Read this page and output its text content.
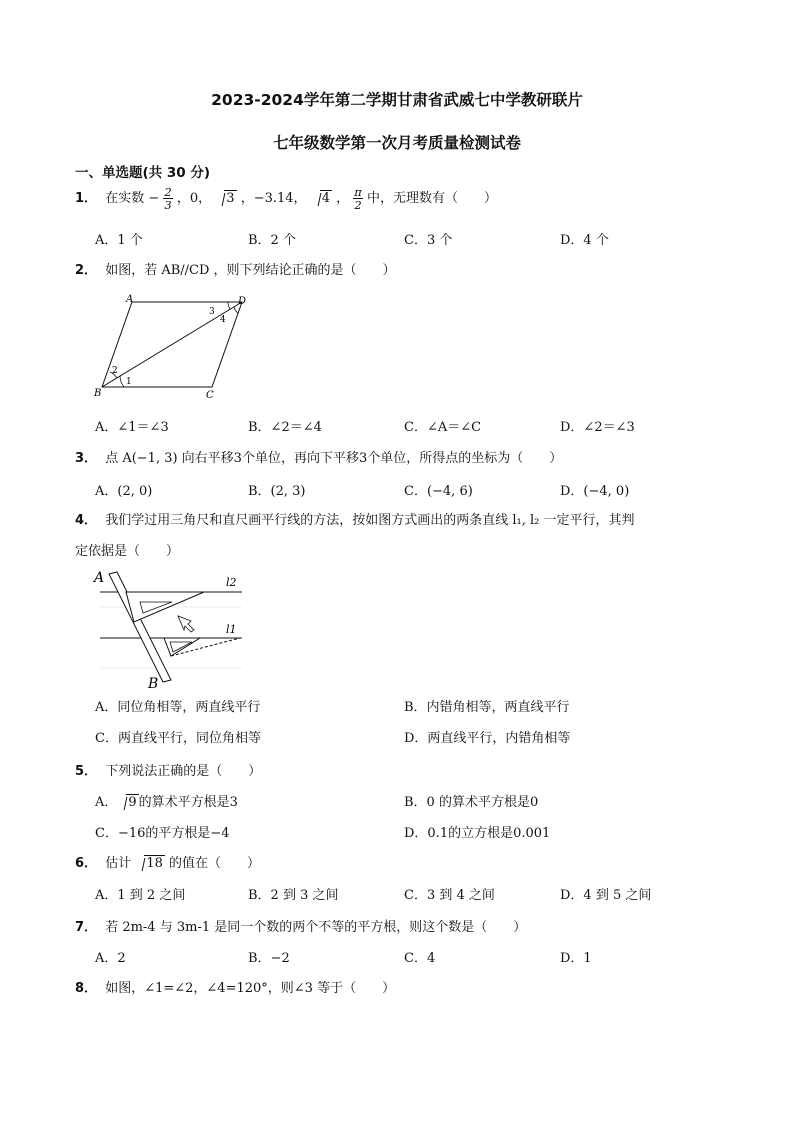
2023-2024学年第二学期甘肃省武威七中学教研联片
七年级数学第一次月考质量检测试卷
一、单选题(共 30 分)
1． 在实数 − $\frac{2}{3}$ ，0， 3 ，−3.14， 4 ， $\frac{\pi}{2}$ 中，无理数有（　　）
A．1 个	B．2 个	C．3 个	D．4 个
2． 如图，若 AB//CD ，则下列结论正确的是（　　）
A	D
B	C
1
2
3
4
A．∠1＝∠3	B．∠2＝∠4	C．∠A＝∠C	D．∠2＝∠3
3． 点 A(−1, 3) 向右平移3个单位，再向下平移3个单位，所得点的坐标为（　　）
A．(2, 0)	B．(2, 3)	C．(−4, 6)	D．(−4, 0)
4． 我们学过用三角尺和直尺画平行线的方法，按如图方式画出的两条直线 l₁, l₂ 一定平行，其判
定依据是（　　）
A
B
l2
l1
A．同位角相等，两直线平行	B．内错角相等，两直线平行
C．两直线平行，同位角相等	D．两直线平行，内错角相等
5． 下列说法正确的是（　　）
A． 9 的算术平方根是3	B．0 的算术平方根是0
C．−16的平方根是−4	D．0.1的立方根是0.001
6． 估计 18 的值在（　　）
A．1 到 2 之间	B．2 到 3 之间	C．3 到 4 之间	D．4 到 5 之间
7． 若 2m-4 与 3m-1 是同一个数的两个不等的平方根，则这个数是（　　）
A．2	B．−2	C．4	D．1
8． 如图，∠1=∠2，∠4=120°，则∠3 等于（　　）
